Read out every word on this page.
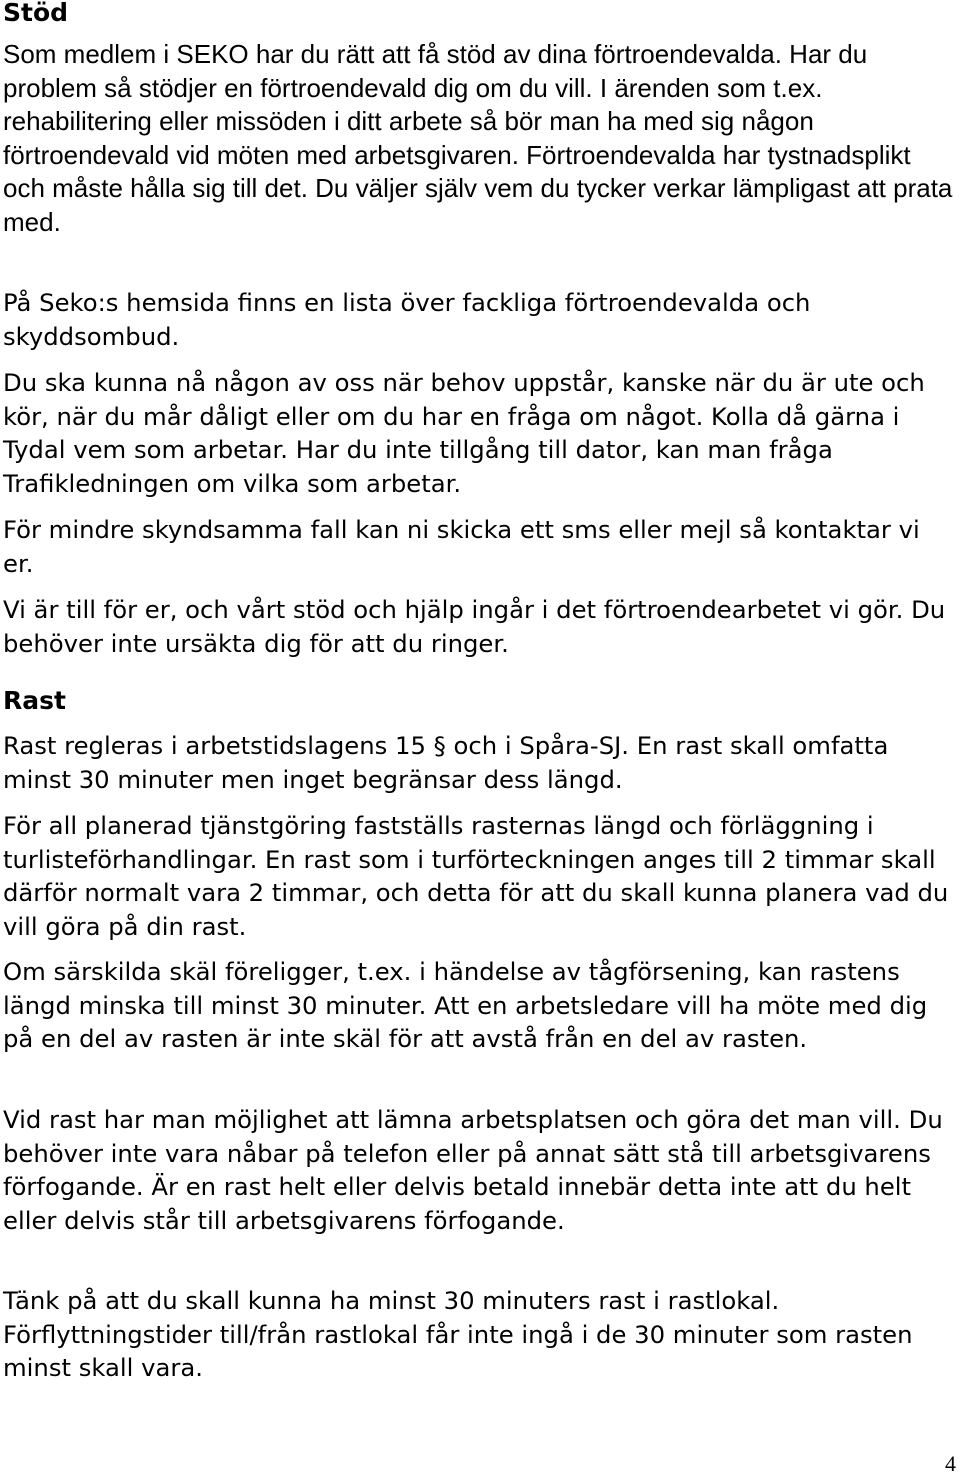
Stöd

Som medlem i SEKO har du rätt att få stöd av dina förtroendevalda. Har du problem så stödjer en förtroendevald dig om du vill. I ärenden som t.ex. rehabilitering eller missöden i ditt arbete så bör man ha med sig någon förtroendevald vid möten med arbetsgivaren. Förtroendevalda har tystnadsplikt och måste hålla sig till det. Du väljer själv vem du tycker verkar lämpligast att prata med.

På Seko:s hemsida finns en lista över fackliga förtroendevalda och skyddsombud.

Du ska kunna nå någon av oss när behov uppstår, kanske när du är ute och kör, när du mår dåligt eller om du har en fråga om något. Kolla då gärna i Tydal vem som arbetar. Har du inte tillgång till dator, kan man fråga Trafikledningen om vilka som arbetar.

För mindre skyndsamma fall kan ni skicka ett sms eller mejl så kontaktar vi er.

Vi är till för er, och vårt stöd och hjälp ingår i det förtroendearbetet vi gör. Du behöver inte ursäkta dig för att du ringer.

Rast

Rast regleras i arbetstidslagens 15 § och i Spåra-SJ. En rast skall omfatta minst 30 minuter men inget begränsar dess längd.

För all planerad tjänstgöring fastställs rasternas längd och förläggning i turlisteförhandlingar. En rast som i turförteckningen anges till 2 timmar skall därför normalt vara 2 timmar, och detta för att du skall kunna planera vad du vill göra på din rast.

Om särskilda skäl föreligger, t.ex. i händelse av tågförsening, kan rastens längd minska till minst 30 minuter. Att en arbetsledare vill ha möte med dig på en del av rasten är inte skäl för att avstå från en del av rasten.

Vid rast har man möjlighet att lämna arbetsplatsen och göra det man vill. Du behöver inte vara nåbar på telefon eller på annat sätt stå till arbetsgivarens förfogande. Är en rast helt eller delvis betald innebär detta inte att du helt eller delvis står till arbetsgivarens förfogande.

Tänk på att du skall kunna ha minst 30 minuters rast i rastlokal. Förflyttningstider till/från rastlokal får inte ingå i de 30 minuter som rasten minst skall vara.

4
